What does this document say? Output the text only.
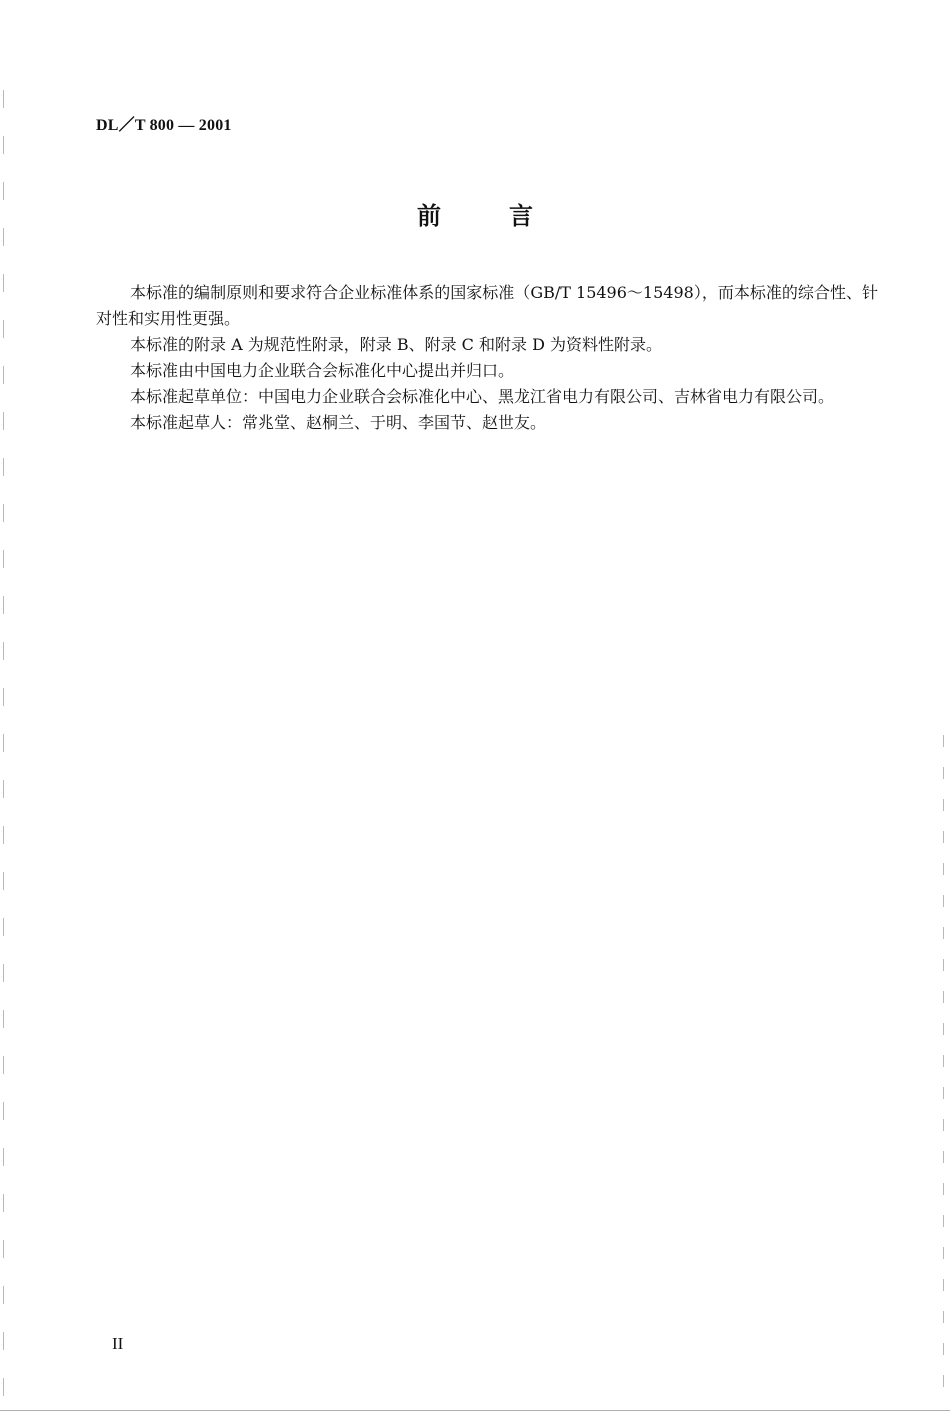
DL／T 800 — 2001
前言

本标准的编制原则和要求符合企业标准体系的国家标准（GB/T 15496～15498），而本标准的综合性、针对性和实用性更强。

本标准的附录 A 为规范性附录，附录 B、附录 C 和附录 D 为资料性附录。

本标准由中国电力企业联合会标准化中心提出并归口。

本标准起草单位：中国电力企业联合会标准化中心、黑龙江省电力有限公司、吉林省电力有限公司。

本标准起草人：常兆堂、赵桐兰、于明、李国节、赵世友。

II
